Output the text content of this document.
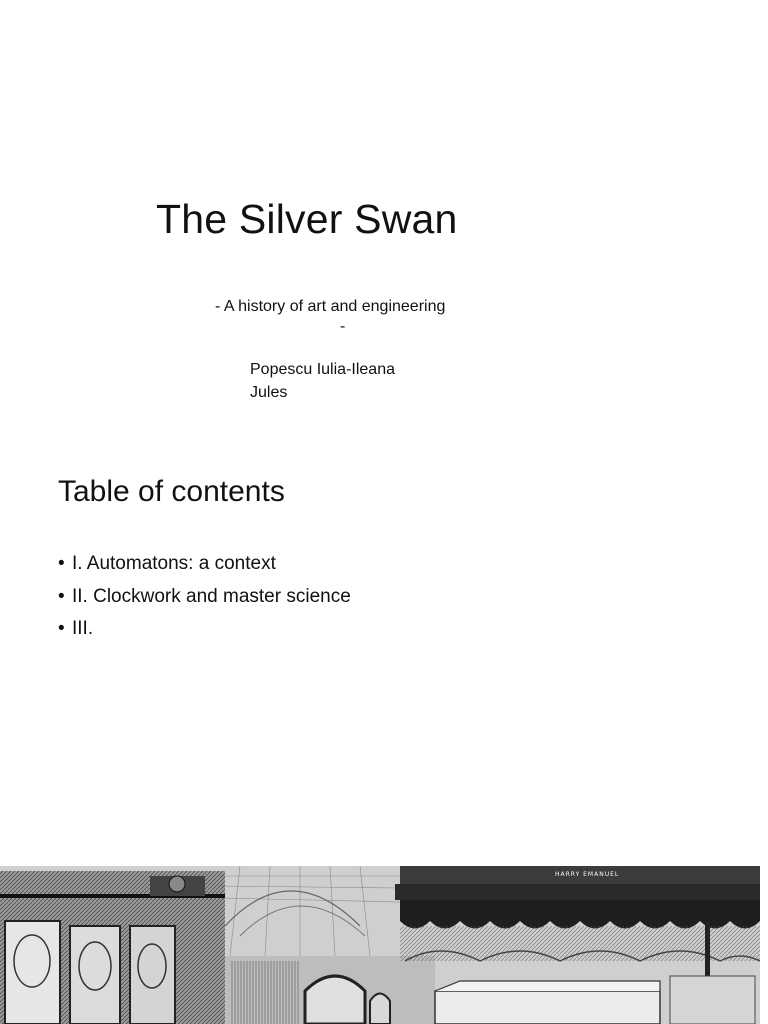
The Silver Swan
- A history of art and engineering
-
Popescu Iulia-Ileana
Jules
Table of contents
• I. Automatons: a context
• II. Clockwork and master science
• III.
HARRY EMANUEL
